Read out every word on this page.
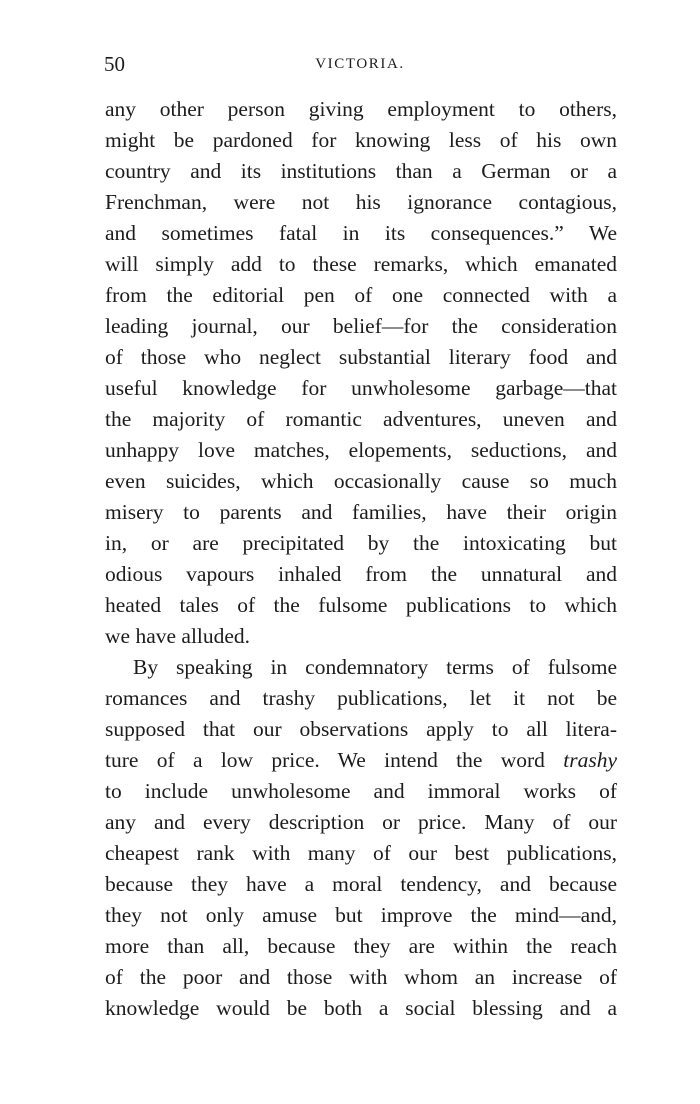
50	VICTORIA.
any other person giving employment to others,
might be pardoned for knowing less of his own
country and its institutions than a German or a
Frenchman, were not his ignorance contagious,
and sometimes fatal in its consequences.” We
will simply add to these remarks, which emanated
from the editorial pen of one connected with a
leading journal, our belief—for the consideration
of those who neglect substantial literary food and
useful knowledge for unwholesome garbage—that
the majority of romantic adventures, uneven and
unhappy love matches, elopements, seductions, and
even suicides, which occasionally cause so much
misery to parents and families, have their origin
in, or are precipitated by the intoxicating but
odious vapours inhaled from the unnatural and
heated tales of the fulsome publications to which
we have alluded.
By speaking in condemnatory terms of fulsome
romances and trashy publications, let it not be
supposed that our observations apply to all litera-
ture of a low price. We intend the word trashy
to include unwholesome and immoral works of
any and every description or price. Many of our
cheapest rank with many of our best publications,
because they have a moral tendency, and because
they not only amuse but improve the mind—and,
more than all, because they are within the reach
of the poor and those with whom an increase of
knowledge would be both a social blessing and a
